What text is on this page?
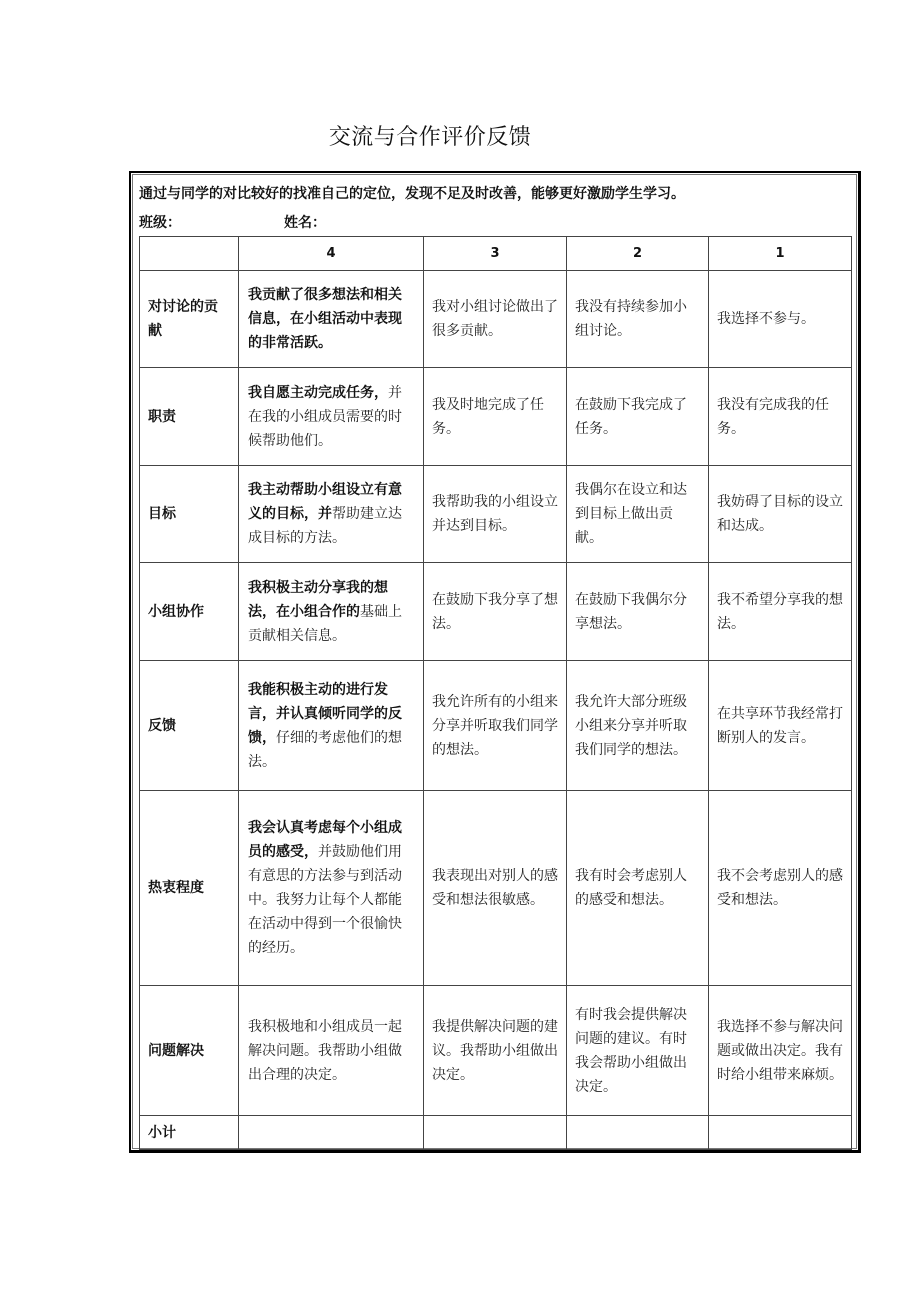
交流与合作评价反馈
通过与同学的对比较好的找准自己的定位，发现不足及时改善，能够更好激励学生学习。
班级：	姓名：
	4	3	2	1
对讨论的贡献	我贡献了很多想法和相关信息，在小组活动中表现的非常活跃。	我对小组讨论做出了很多贡献。	我没有持续参加小组讨论。	我选择不参与。
职责	我自愿主动完成任务，并在我的小组成员需要的时候帮助他们。	我及时地完成了任务。	在鼓励下我完成了任务。	我没有完成我的任务。
目标	我主动帮助小组设立有意义的目标，并帮助建立达成目标的方法。	我帮助我的小组设立并达到目标。	我偶尔在设立和达到目标上做出贡献。	我妨碍了目标的设立和达成。
小组协作	我积极主动分享我的想法，在小组合作的基础上贡献相关信息。	在鼓励下我分享了想法。	在鼓励下我偶尔分享想法。	我不希望分享我的想法。
反馈	我能积极主动的进行发言，并认真倾听同学的反馈，仔细的考虑他们的想法。	我允许所有的小组来分享并听取我们同学的想法。	我允许大部分班级小组来分享并听取我们同学的想法。	在共享环节我经常打断别人的发言。
热衷程度	我会认真考虑每个小组成员的感受，并鼓励他们用有意思的方法参与到活动中。我努力让每个人都能在活动中得到一个很愉快的经历。	我表现出对别人的感受和想法很敏感。	我有时会考虑别人的感受和想法。	我不会考虑别人的感受和想法。
问题解决	我积极地和小组成员一起解决问题。我帮助小组做出合理的决定。	我提供解决问题的建议。我帮助小组做出决定。	有时我会提供解决问题的建议。有时我会帮助小组做出决定。	我选择不参与解决问题或做出决定。我有时给小组带来麻烦。
小计				
